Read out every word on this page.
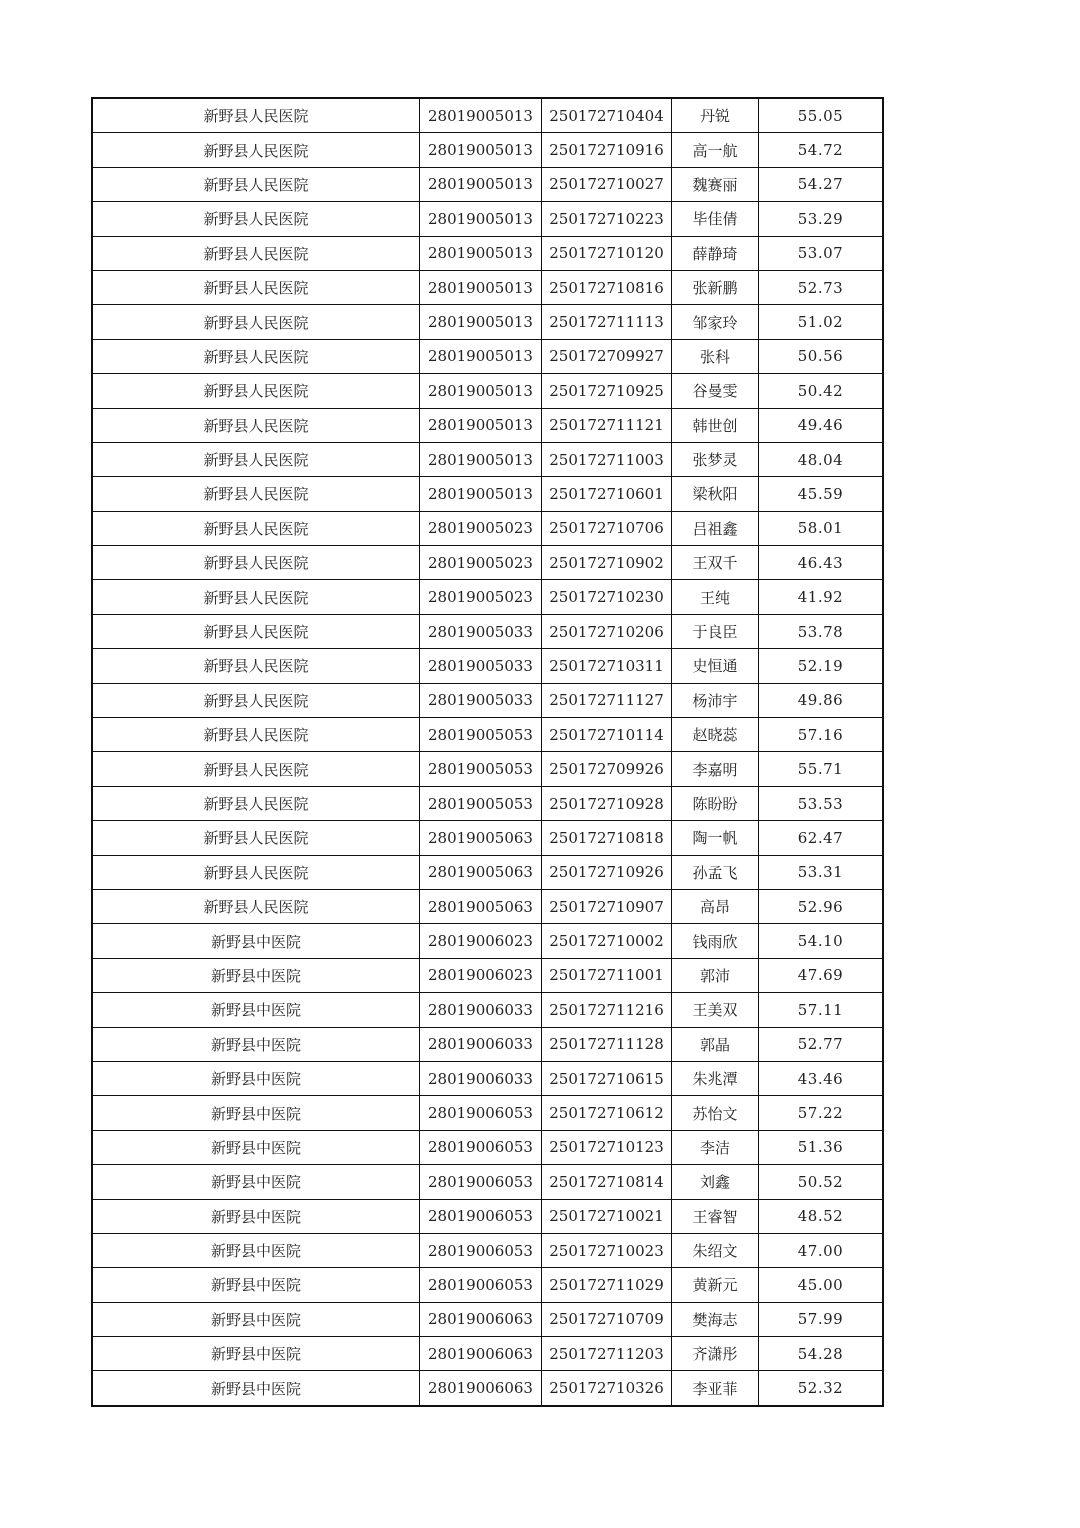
新野县人民医院	28019005013	250172710404	丹锐	55.05
新野县人民医院	28019005013	250172710916	高一航	54.72
新野县人民医院	28019005013	250172710027	魏赛丽	54.27
新野县人民医院	28019005013	250172710223	毕佳倩	53.29
新野县人民医院	28019005013	250172710120	薛静琦	53.07
新野县人民医院	28019005013	250172710816	张新鹏	52.73
新野县人民医院	28019005013	250172711113	邹家玲	51.02
新野县人民医院	28019005013	250172709927	张科	50.56
新野县人民医院	28019005013	250172710925	谷曼雯	50.42
新野县人民医院	28019005013	250172711121	韩世创	49.46
新野县人民医院	28019005013	250172711003	张梦灵	48.04
新野县人民医院	28019005013	250172710601	梁秋阳	45.59
新野县人民医院	28019005023	250172710706	吕祖鑫	58.01
新野县人民医院	28019005023	250172710902	王双千	46.43
新野县人民医院	28019005023	250172710230	王纯	41.92
新野县人民医院	28019005033	250172710206	于良臣	53.78
新野县人民医院	28019005033	250172710311	史恒通	52.19
新野县人民医院	28019005033	250172711127	杨沛宇	49.86
新野县人民医院	28019005053	250172710114	赵晓蕊	57.16
新野县人民医院	28019005053	250172709926	李嘉明	55.71
新野县人民医院	28019005053	250172710928	陈盼盼	53.53
新野县人民医院	28019005063	250172710818	陶一帆	62.47
新野县人民医院	28019005063	250172710926	孙孟飞	53.31
新野县人民医院	28019005063	250172710907	高昂	52.96
新野县中医院	28019006023	250172710002	钱雨欣	54.10
新野县中医院	28019006023	250172711001	郭沛	47.69
新野县中医院	28019006033	250172711216	王美双	57.11
新野县中医院	28019006033	250172711128	郭晶	52.77
新野县中医院	28019006033	250172710615	朱兆潭	43.46
新野县中医院	28019006053	250172710612	苏怡文	57.22
新野县中医院	28019006053	250172710123	李洁	51.36
新野县中医院	28019006053	250172710814	刘鑫	50.52
新野县中医院	28019006053	250172710021	王睿智	48.52
新野县中医院	28019006053	250172710023	朱绍文	47.00
新野县中医院	28019006053	250172711029	黄新元	45.00
新野县中医院	28019006063	250172710709	樊海志	57.99
新野县中医院	28019006063	250172711203	齐潇彤	54.28
新野县中医院	28019006063	250172710326	李亚菲	52.32
